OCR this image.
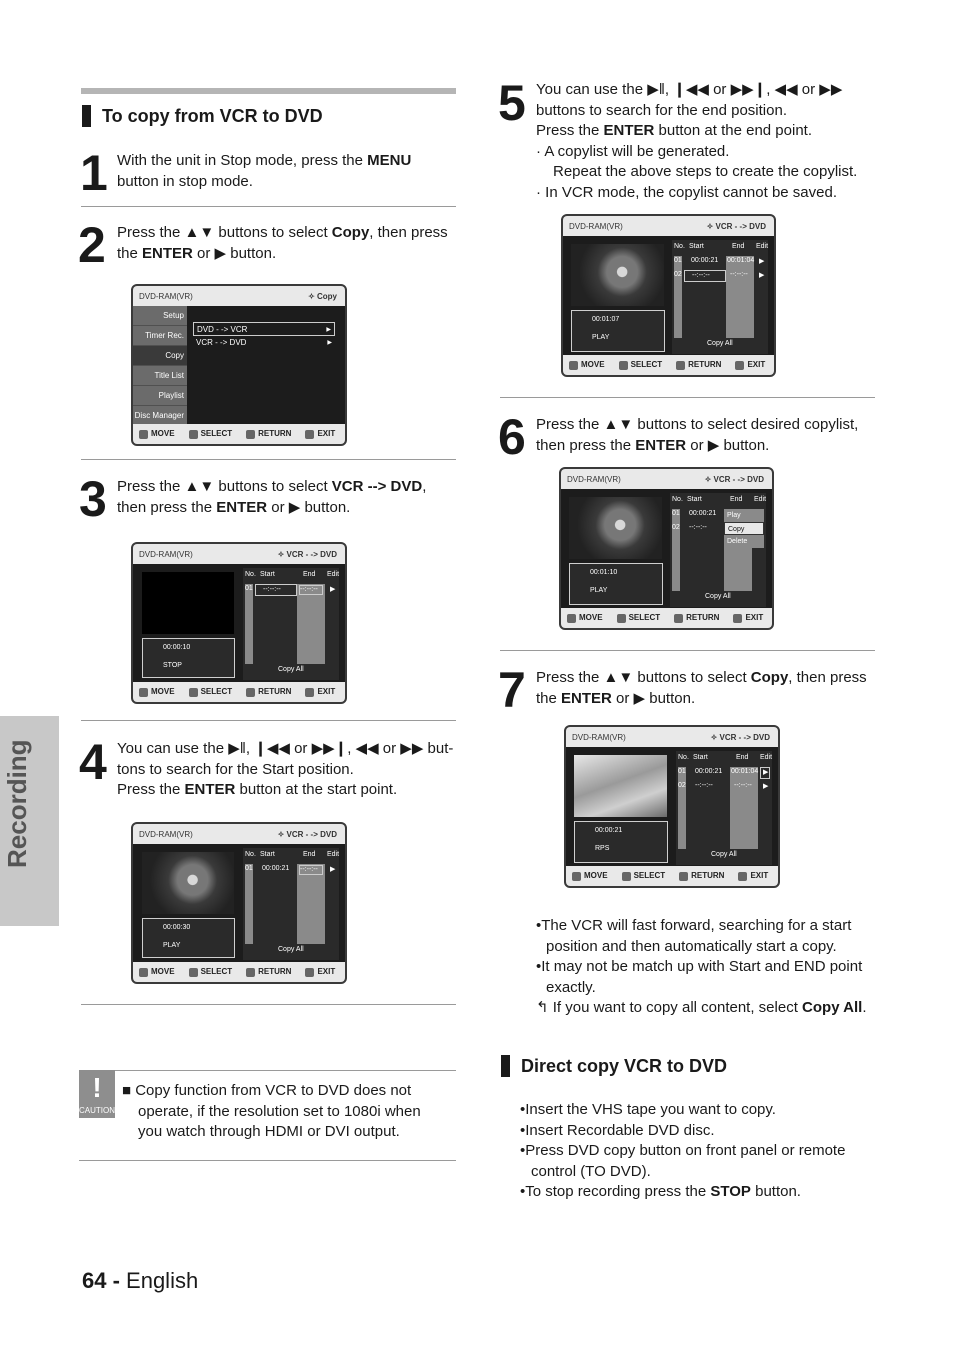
To copy from VCR to DVD
1 With the unit in Stop mode, press the MENU
button in stop mode.
2 Press the ▲▼ buttons to select Copy, then press
the ENTER or ▶ button.
DVD-RAM(VR)	✧ Copy
Setup
Timer Rec.
Copy
Title List
Playlist
Disc Manager
DVD - -> VCR ▶
VCR - -> DVD ▶
MOVE	SELECT	RETURN	EXIT
3 Press the ▲▼ buttons to select VCR --> DVD,
then press the ENTER or ▶ button.
DVD-RAM(VR)	✧ VCR - -> DVD
00:00:10
STOP
No. Start	End Edit
01	--:--:--	--:--:--	▶
Copy All
MOVE	SELECT	RETURN	EXIT
4 You can use the ▶‖, ❙◀◀ or ▶▶❙, ◀◀ or ▶▶ but-
tons to search for the Start position.
Press the ENTER button at the start point.
DVD-RAM(VR)	✧ VCR - -> DVD
00:00:30
PLAY
No. Start	End Edit
01 00:00:21 --:--:--	▶
Copy All
MOVE	SELECT	RETURN	EXIT
!
CAUTION
■ Copy function from VCR to DVD does not
operate, if the resolution set to 1080i when
you watch through HDMI or DVI output.
5 You can use the ▶‖, ❙◀◀ or ▶▶❙, ◀◀ or ▶▶
buttons to search for the end position.
Press the ENTER button at the end point.
· A copylist will be generated.
Repeat the above steps to create the copylist.
· In VCR mode, the copylist cannot be saved.
DVD-RAM(VR)	✧ VCR - -> DVD
00:01:07
PLAY
No. Start	End Edit
01 00:00:21 00:01:04 ▶
02	--:--:--	--:--:-- ▶
Copy All
MOVE	SELECT	RETURN	EXIT
6 Press the ▲▼ buttons to select desired copylist,
then press the ENTER or ▶ button.
DVD-RAM(VR)	✧ VCR - -> DVD
00:01:10
PLAY
No. Start	End Edit
01 00:00:21
02 --:--:--
Play
Copy
Delete
Copy All
MOVE	SELECT	RETURN	EXIT
7 Press the ▲▼ buttons to select Copy, then press
the ENTER or ▶ button.
DVD-RAM(VR)	✧ VCR - -> DVD
00:00:21
RPS
No. Start	End Edit
01 00:00:21 00:01:04 ▶
02 --:--:--	--:--:-- ▶
Copy All
MOVE	SELECT	RETURN	EXIT
•The VCR will fast forward, searching for a start
position and then automatically start a copy.
•It may not be match up with Start and END point
exactly.
↰ If you want to copy all content, select Copy All.
Direct copy VCR to DVD
•Insert the VHS tape you want to copy.
•Insert Recordable DVD disc.
•Press DVD copy button on front panel or remote
control (TO DVD).
•To stop recording press the STOP button.
Recording
64 - English
